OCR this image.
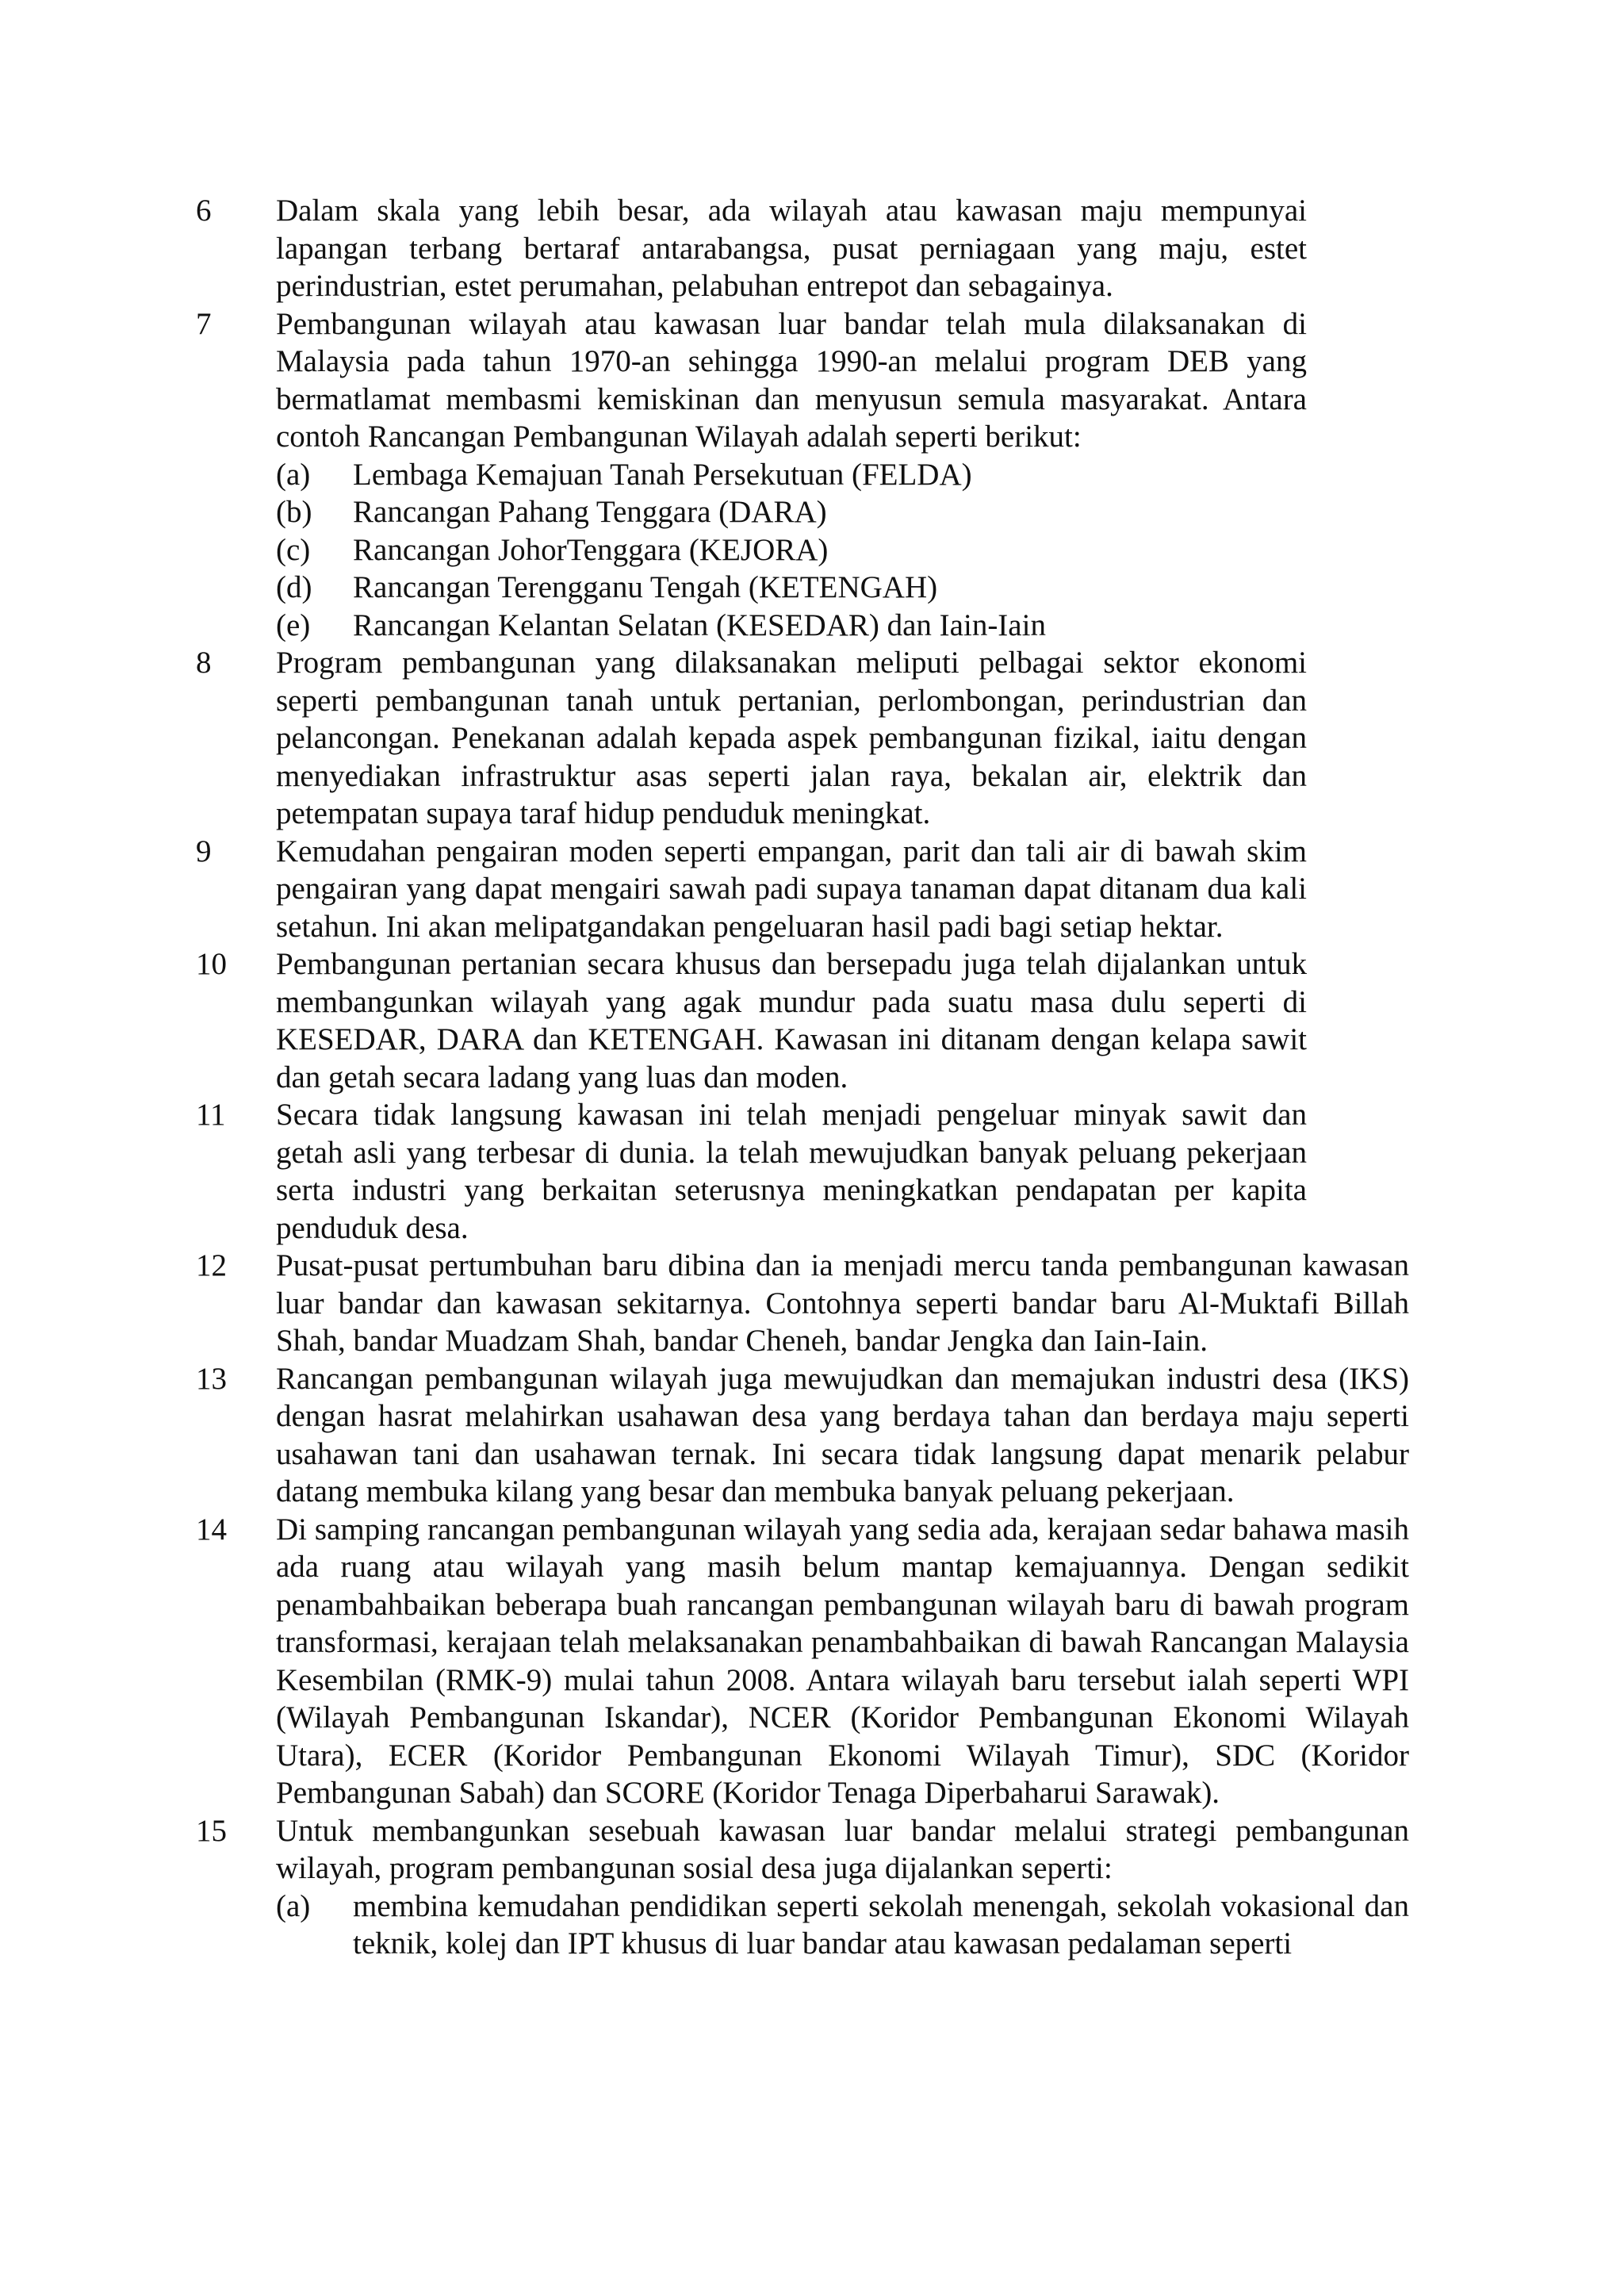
6 Dalam skala yang lebih besar, ada wilayah atau kawasan maju mempunyai lapangan terbang bertaraf antarabangsa, pusat perniagaan yang maju, estet perindustrian, estet perumahan, pelabuhan entrepot dan sebagainya.
7 Pembangunan wilayah atau kawasan luar bandar telah mula dilaksanakan di Malaysia pada tahun 1970-an sehingga 1990-an melalui program DEB yang bermatlamat membasmi kemiskinan dan menyusun semula masyarakat. Antara contoh Rancangan Pembangunan Wilayah adalah seperti berikut:
(a) Lembaga Kemajuan Tanah Persekutuan (FELDA)
(b) Rancangan Pahang Tenggara (DARA)
(c) Rancangan JohorTenggara (KEJORA)
(d) Rancangan Terengganu Tengah (KETENGAH)
(e) Rancangan Kelantan Selatan (KESEDAR) dan Iain-Iain
8 Program pembangunan yang dilaksanakan meliputi pelbagai sektor ekonomi seperti pembangunan tanah untuk pertanian, perlombongan, perindustrian dan pelancongan. Penekanan adalah kepada aspek pembangunan fizikal, iaitu dengan menyediakan infrastruktur asas seperti jalan raya, bekalan air, elektrik dan petempatan supaya taraf hidup penduduk meningkat.
9 Kemudahan pengairan moden seperti empangan, parit dan tali air di bawah skim pengairan yang dapat mengairi sawah padi supaya tanaman dapat ditanam dua kali setahun. Ini akan melipatgandakan pengeluaran hasil padi bagi setiap hektar.
10 Pembangunan pertanian secara khusus dan bersepadu juga telah dijalankan untuk membangunkan wilayah yang agak mundur pada suatu masa dulu seperti di KESEDAR, DARA dan KETENGAH. Kawasan ini ditanam dengan kelapa sawit dan getah secara ladang yang luas dan moden.
11 Secara tidak langsung kawasan ini telah menjadi pengeluar minyak sawit dan getah asli yang terbesar di dunia. la telah mewujudkan banyak peluang pekerjaan serta industri yang berkaitan seterusnya meningkatkan pendapatan per kapita penduduk desa.
12 Pusat-pusat pertumbuhan baru dibina dan ia menjadi mercu tanda pembangunan kawasan luar bandar dan kawasan sekitarnya. Contohnya seperti bandar baru Al-Muktafi Billah Shah, bandar Muadzam Shah, bandar Cheneh, bandar Jengka dan Iain-Iain.
13 Rancangan pembangunan wilayah juga mewujudkan dan memajukan industri desa (IKS) dengan hasrat melahirkan usahawan desa yang berdaya tahan dan berdaya maju seperti usahawan tani dan usahawan ternak. Ini secara tidak langsung dapat menarik pelabur datang membuka kilang yang besar dan membuka banyak peluang pekerjaan.
14 Di samping rancangan pembangunan wilayah yang sedia ada, kerajaan sedar bahawa masih ada ruang atau wilayah yang masih belum mantap kemajuannya. Dengan sedikit penambahbaikan beberapa buah rancangan pembangunan wilayah baru di bawah program transformasi, kerajaan telah melaksanakan penambahbaikan di bawah Rancangan Malaysia Kesembilan (RMK-9) mulai tahun 2008. Antara wilayah baru tersebut ialah seperti WPI (Wilayah Pembangunan Iskandar), NCER (Koridor Pembangunan Ekonomi Wilayah Utara), ECER (Koridor Pembangunan Ekonomi Wilayah Timur), SDC (Koridor Pembangunan Sabah) dan SCORE (Koridor Tenaga Diperbaharui Sarawak).
15 Untuk membangunkan sesebuah kawasan luar bandar melalui strategi pembangunan wilayah, program pembangunan sosial desa juga dijalankan seperti:
(a) membina kemudahan pendidikan seperti sekolah menengah, sekolah vokasional dan teknik, kolej dan IPT khusus di luar bandar atau kawasan pedalaman seperti
